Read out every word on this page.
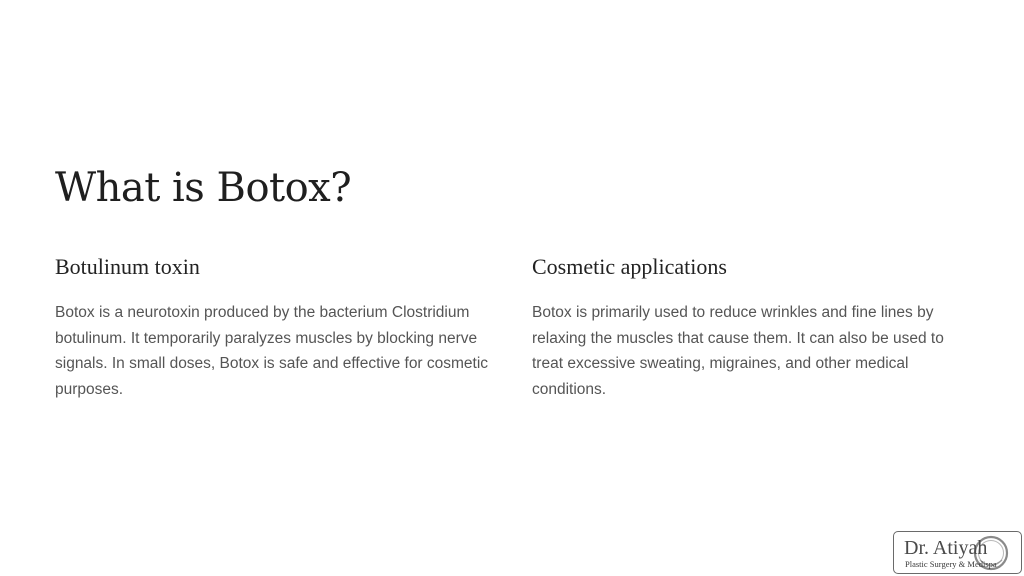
What is Botox?
Botulinum toxin

Botox is a neurotoxin produced by the bacterium Clostridium botulinum. It temporarily paralyzes muscles by blocking nerve signals. In small doses, Botox is safe and effective for cosmetic purposes.

Cosmetic applications

Botox is primarily used to reduce wrinkles and fine lines by relaxing the muscles that cause them. It can also be used to treat excessive sweating, migraines, and other medical conditions.

Dr. Atiyah
Plastic Surgery & Medispa
